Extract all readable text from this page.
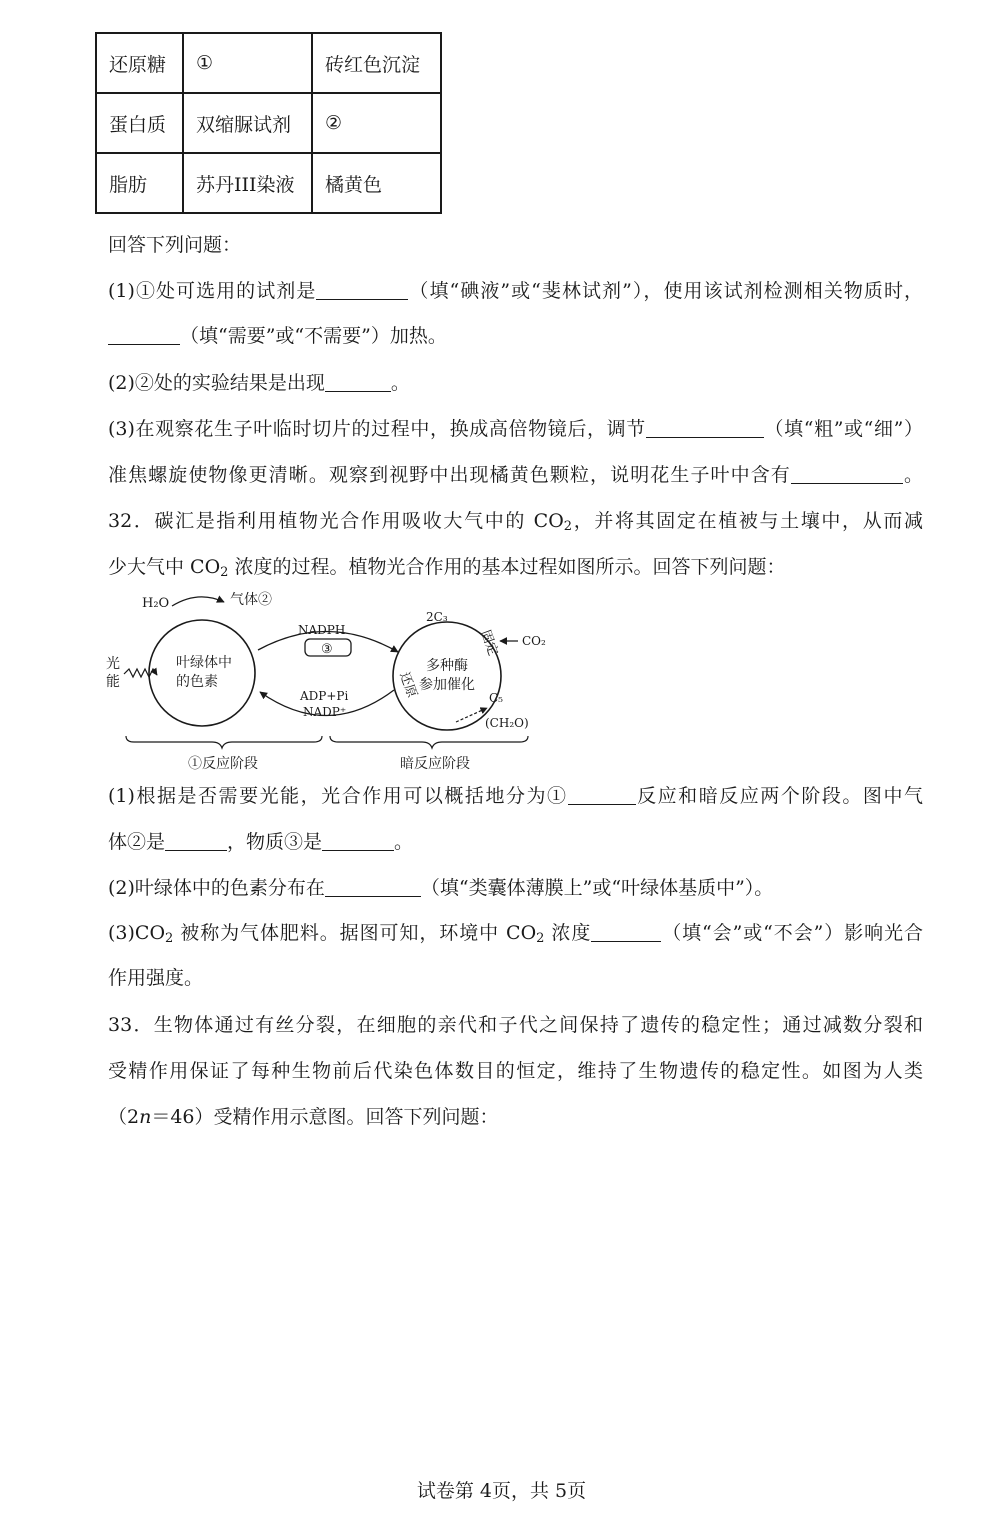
还原糖	①	砖红色沉淀
蛋白质	双缩脲试剂	②
脂肪	苏丹III染液	橘黄色
回答下列问题：
(1)①处可选用的试剂是	（填“碘液”或“斐林试剂”），使用该试剂检测相关物质时，
（填“需要”或“不需要”）加热。
(2)②处的实验结果是出现	。
(3)在观察花生子叶临时切片的过程中，换成高倍物镜后，调节	（填“粗”或“细”）
准焦螺旋使物像更清晰。观察到视野中出现橘黄色颗粒，说明花生子叶中含有	。
32．碳汇是指利用植物光合作用吸收大气中的 $CO_2$，并将其固定在植被与土壤中，从而减
少大气中 $CO_2$ 浓度的过程。植物光合作用的基本过程如图所示。回答下列问题：
H₂O	气体②
光
能
叶绿体中
的色素
NADPH
③
ADP+Pi
NADP⁺
2C₃
固定 CO₂
多种酶
参加催化
还原	C₅
(CH₂O)
①反应阶段	暗反应阶段
(1)根据是否需要光能，光合作用可以概括地分为①	反应和暗反应两个阶段。图中气
体②是	，物质③是	。
(2)叶绿体中的色素分布在	（填“类囊体薄膜上”或“叶绿体基质中”）。
$(3)CO_2$ 被称为气体肥料。据图可知，环境中 $CO_2$ 浓度	（填“会”或“不会”）影响光合
作用强度。
33．生物体通过有丝分裂，在细胞的亲代和子代之间保持了遗传的稳定性；通过减数分裂和
受精作用保证了每种生物前后代染色体数目的恒定，维持了生物遗传的稳定性。如图为人类
（2n＝46）受精作用示意图。回答下列问题：
试卷第 4页，共 5页
